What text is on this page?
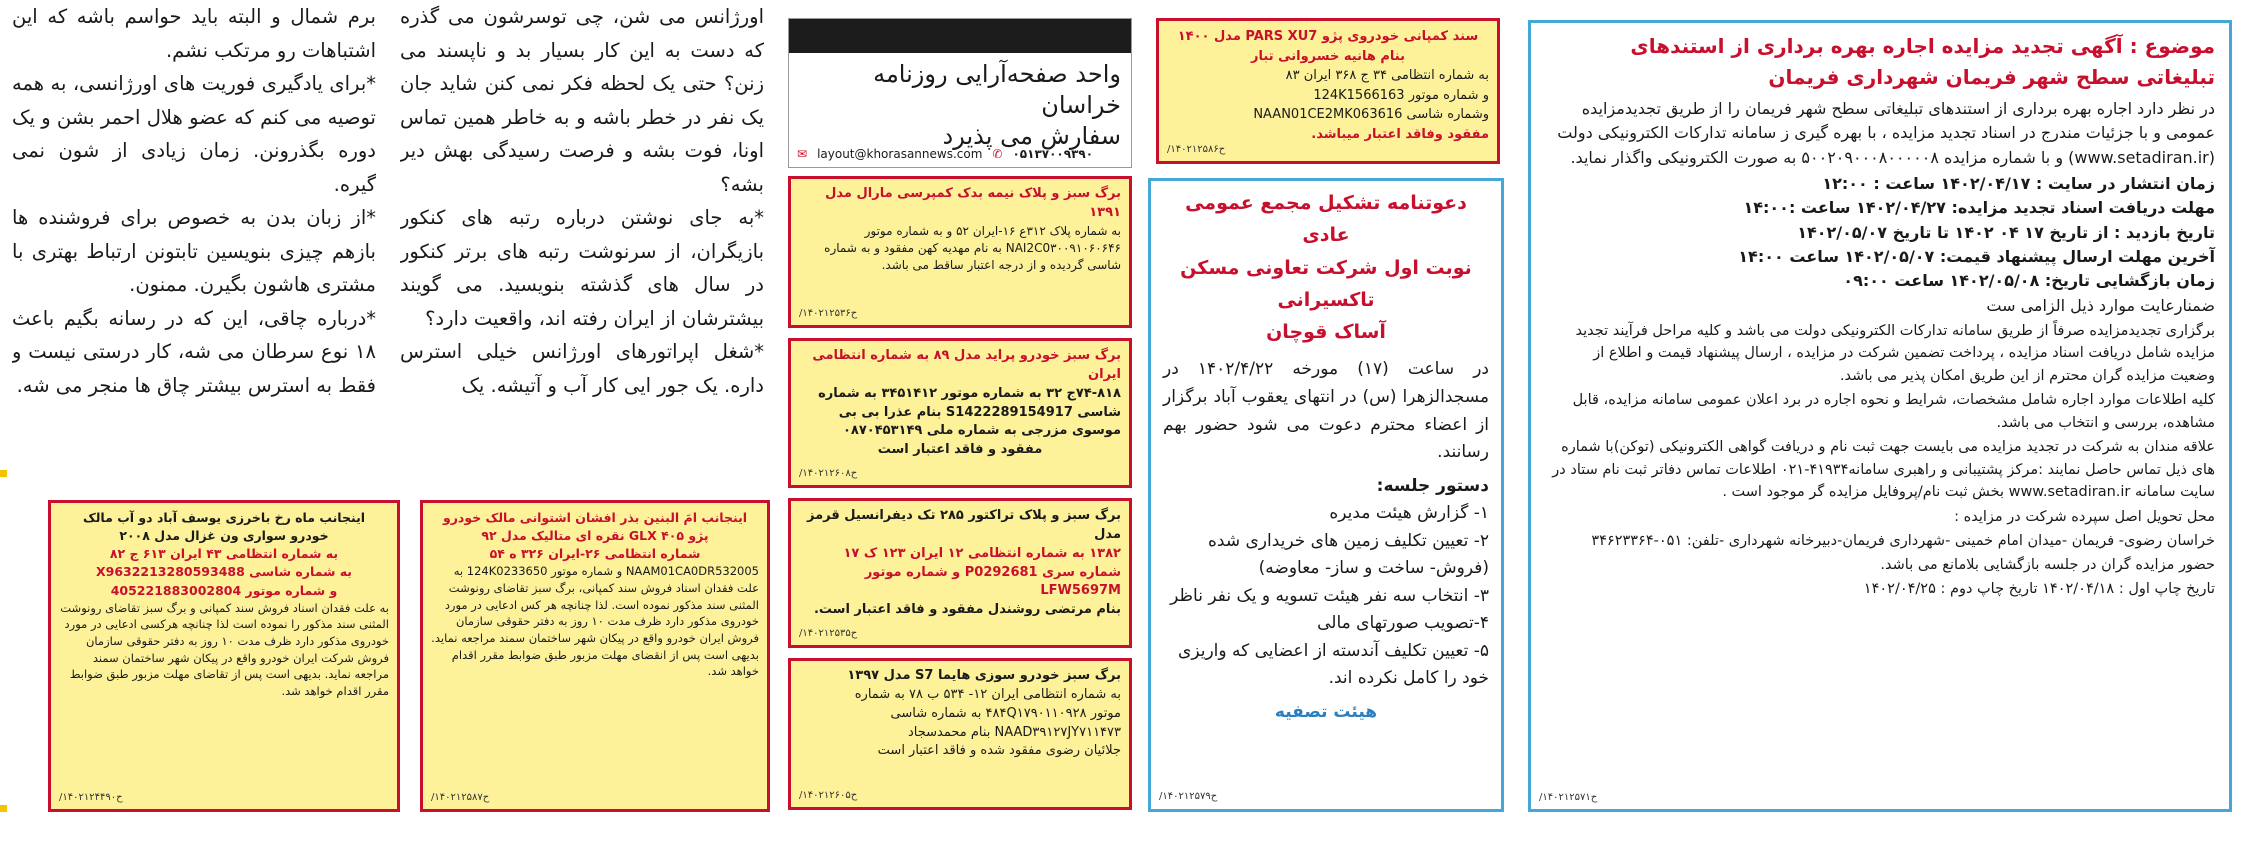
موضوع : آگهی تجدید مزایده اجاره بهره برداری از استندهای تبلیغاتی سطح شهر فریمان شهرداری فریمان

در نظر دارد اجاره بهره برداری از استندهای تبلیغاتی سطح شهر فریمان را از طریق تجدیدمزایده عمومی و با جزئیات مندرج در اسناد تجدید مزایده ، با بهره گیری ز سامانه تدارکات الکترونیکی دولت (www.setadiran.ir) و با شماره مزایده ۵۰۰۲۰۹۰۰۰۸۰۰۰۰۰۸ به صورت الکترونیکی واگذار نماید.

زمان انتشار در سایت : ۱۴۰۲/۰۴/۱۷ ساعت : ۱۲:۰۰
مهلت دریافت اسناد تجدید مزایده: ۱۴۰۲/۰۴/۲۷ ساعت :۱۴:۰۰
تاریخ بازدید : از تاریخ ۱۷ ۰۴ ۱۴۰۲ تا تاریخ ۱۴۰۲/۰۵/۰۷
آخرین مهلت ارسال پیشنهاد قیمت: ۱۴۰۲/۰۵/۰۷ ساعت ۱۴:۰۰
زمان بازگشایی تاریخ: ۱۴۰۲/۰۵/۰۸ ساعت ۰۹:۰۰
ضمنارعایت موارد ذیل الزامی ست

برگزاری تجدیدمزایده صرفاً از طریق سامانه تدارکات الکترونیکی دولت می باشد و کلیه مراحل فرآیند تجدید مزایده شامل دریافت اسناد مزایده ، پرداخت تضمین شرکت در مزایده ، ارسال پیشنهاد قیمت و اطلاع از وضعیت مزایده گران محترم از این طریق امکان پذیر می باشد.

کلیه اطلاعات موارد اجاره شامل مشخصات، شرایط و نحوه اجاره در برد اعلان عمومی سامانه مزایده، قابل مشاهده، بررسی و انتخاب می باشد.

علاقه مندان به شرکت در تجدید مزایده می بایست جهت ثبت نام و دریافت گواهی الکترونیکی (توکن)با شماره های ذیل تماس حاصل نمایند :مرکز پشتیبانی و راهبری سامانه۴۱۹۳۴-۰۲۱ اطلاعات تماس دفاتر ثبت نام ستاد در سایت سامانه www.setadiran.ir بخش ثبت نام/پروفایل مزایده گر موجود است .

محل تحویل اصل سپرده شرکت در مزایده :

خراسان رضوی- فریمان -میدان امام خمینی -شهرداری فریمان-دبیرخانه شهرداری -تلفن: ۰۵۱-۳۴۶۲۳۳۶۴

حضور مزایده گران در جلسه بازگشایی بلامانع می باشد.

تاریخ چاپ اول : ۱۴۰۲/۰۴/۱۸ تاریخ چاپ دوم : ۱۴۰۲/۰۴/۲۵

/ح۱۴۰۲۱۲۵۷۱
دعوتنامه تشکیل مجمع عمومی عادی
نوبت اول شرکت تعاونی مسکن تاکسیرانی
آساک قوچان

در ساعت (۱۷) مورخه ۱۴۰۲/۴/۲۲ در مسجدالزهرا (س) در انتهای یعقوب آباد برگزار از اعضاء محترم دعوت می شود حضور بهم رسانند.

دستور جلسه:
۱- گزارش هیئت مدیره
۲- تعیین تکلیف زمین های خریداری شده (فروش- ساخت و ساز- معاوضه)
۳- انتخاب سه نفر هیئت تسویه و یک نفر ناظر
۴-تصویب صورتهای مالی
۵- تعیین تکلیف آندسته از اعضایی که واریزی خود را کامل نکرده اند.
هیئت تصفیه
/ح۱۴۰۲۱۲۵۷۹
سند کمپانی خودروی پژو PARS XU7 مدل ۱۴۰۰
بنام هانیه خسروانی تبار
به شماره انتظامی ۳۴ ج ۳۶۸ ایران ۸۳
و شماره موتور 124K1566163
وشماره شاسی NAAN01CE2MK063616
مفقود وفاقد اعتبار میباشد.
/ح۱۴۰۲۱۲۵۸۶
واحد صفحه‌آرایی روزنامه خراسان
سفارش می پذیرد
✉ layout@khorasannews.com ✆ ۰۵۱۳۷۰۰۹۳۹۰
برگ سبز و پلاک نیمه بدک کمپرسی مارال مدل ۱۳۹۱
به شماره پلاک ۳۱۲ع ۱۶-ایران ۵۲ و به شماره موتور NAI2C0۳۰۰۹۱۰۶۰۶۴۶ به نام مهدیه کهن مفقود و به شماره شاسی گردیده و از درجه اعتبار ساقط می باشد.
/ح۱۴۰۲۱۲۵۳۶
برگ سبز خودرو پراید مدل ۸۹ به شماره انتظامی ایران
۷۴-۸۱۸ج ۳۲ به شماره موتور ۳۴۵۱۴۱۲ به شماره شاسی S1422289154917 بنام عذرا بی بی موسوی مزرجی به شماره ملی ۰۸۷۰۴۵۳۱۴۹
مفقود و فاقد اعتبار است
/ح۱۴۰۲۱۲۶۰۸
برگ سبز و پلاک تراکتور ۲۸۵ تک دیفرانسیل قرمز مدل
۱۳۸۲ به شماره انتظامی ۱۲ ایران ۱۲۳ ک ۱۷
شماره سری P0292681 و شماره موتور LFW5697M
بنام مرتضی روشندل مفقود و فاقد اعتبار است.
/ح۱۴۰۲۱۲۵۳۵
برگ سبز خودرو سوزی هایما S7 مدل ۱۳۹۷
به شماره انتظامی ایران ۱۲- ۵۳۴ ب ۷۸ به شماره
موتور ۴۸۴Q۱۷۹۰۱۱۰۹۲۸ به شماره شاسی
NAAD۳۹۱۲۷JY۷۱۱۴۷۳ بنام محمدسجاد
جلائیان رضوی مفقود شده و فاقد اعتبار است
/ح۱۴۰۲۱۲۶۰۵
اینجانب امَ البنین بذر افشان اشتوانی مالک خودرو
پژو GLX ۴۰۵ نقره ای متالیک مدل ۹۲
شماره انتظامی ۲۶-ایران ۳۲۶ ه ۵۴
NAAM01CA0DR532005 و شماره موتور 124K0233650 به علت فقدان اسناد فروش سند کمپانی، برگ سبز تقاضای رونوشت المثنی سند مذکور نموده است. لذا چنانچه هر کس ادعایی در مورد خودروی مذکور دارد ظرف مدت ۱۰ روز به دفتر حقوقی سازمان فروش ایران خودرو واقع در پیکان شهر ساختمان سمند مراجعه نماید. بدیهی است پس از انقضای مهلت مزبور طبق ضوابط مقرر اقدام خواهد شد.
/ح۱۴۰۲۱۲۵۸۷
اینجانب ماه رخ باخرزی یوسف آباد دو آب مالک
خودرو سواری ون غزال مدل ۲۰۰۸
به شماره انتظامی ۴۳ ایران ۶۱۳ ج ۸۲
به شماره شاسی X9632213280593488
و شماره موتور 405221883002804
به علت فقدان اسناد فروش سند کمپانی و برگ سبز تقاضای رونوشت المثنی سند مذکور را نموده است لذا چنانچه هرکسی ادعایی در مورد خودروی مذکور دارد ظرف مدت ۱۰ روز به دفتر حقوقی سازمان فروش شرکت ایران خودرو واقع در پیکان شهر ساختمان سمند مراجعه نماید. بدیهی است پس از تقاضای مهلت مزبور طبق ضوابط مقرر اقدام خواهد شد.
/ح۱۴۰۲۱۲۴۴۹۰
اورژانس می شن، چی توسرشون می گذره که دست به این کار بسیار بد و ناپسند می زنن؟ حتی یک لحظه فکر نمی کنن شاید جان یک نفر در خطر باشه و به خاطر همین تماس اونا، فوت بشه و فرصت رسیدگی بهش دیر بشه؟
*به جای نوشتن درباره رتبه های کنکور بازیگران، از سرنوشت رتبه های برتر کنکور در سال های گذشته بنویسید. می گویند بیشترشان از ایران رفته اند، واقعیت دارد؟
*شغل اپراتورهای اورژانس خیلی استرس داره. یک جور ایی کار آب و آتیشه. یک
برم شمال و البته باید حواسم باشه که این اشتباهات رو مرتکب نشم.
*برای یادگیری فوریت های اورژانسی، به همه توصیه می کنم که عضو هلال احمر بشن و یک دوره بگذرونن. زمان زیادی از شون نمی گیره.
*از زبان بدن به خصوص برای فروشنده ها بازهم چیزی بنویسین تابتونن ارتباط بهتری با مشتری هاشون بگیرن. ممنون.
*درباره چاقی، این که در رسانه بگیم باعث ۱۸ نوع سرطان می شه، کار درستی نیست و فقط به استرس بیشتر چاق ها منجر می شه.
